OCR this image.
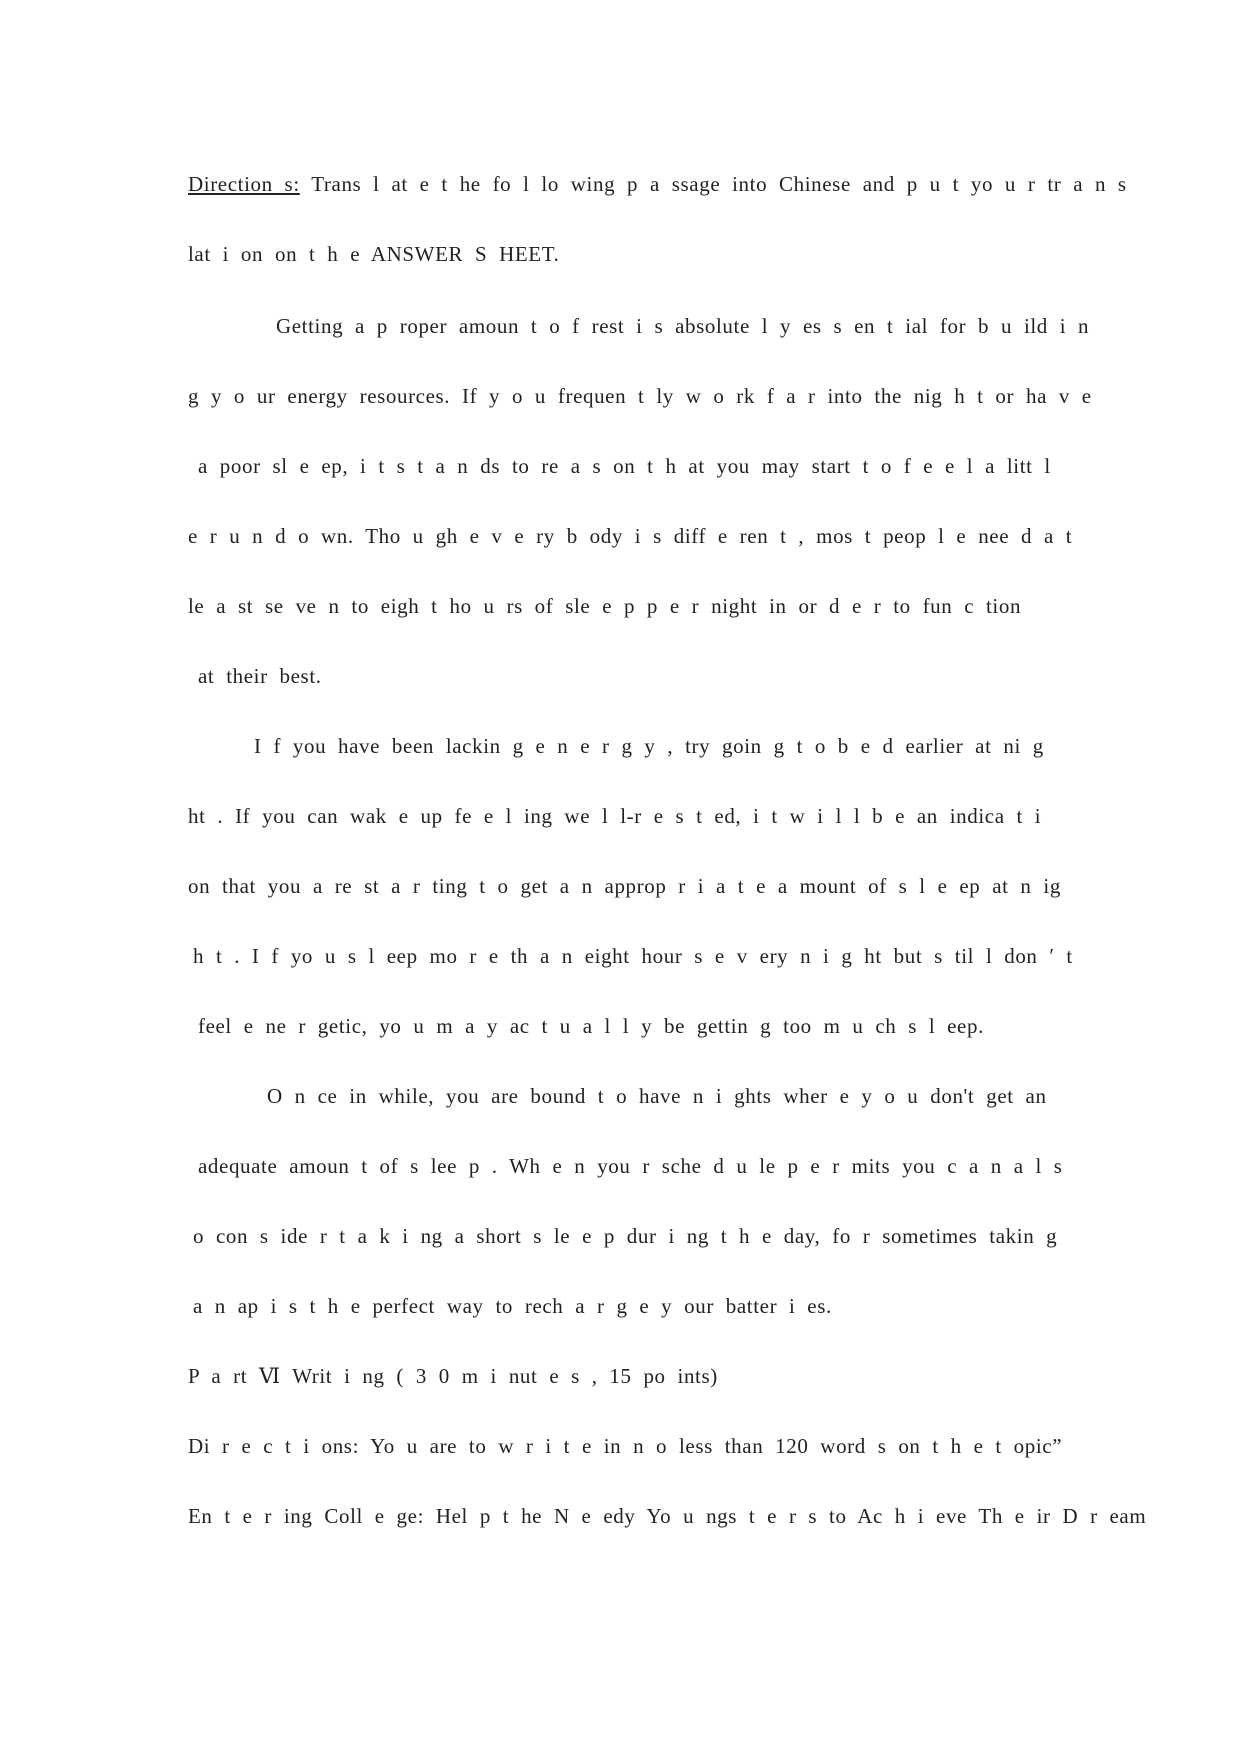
Direction s: Trans l at e t he fo l lo wing p a ssage into Chinese and p u t yo u r tr a n s
lat i on on t h e ANSWER S HEET.
Getting a p roper amoun t o f rest i s absolute l y es s en t ial for b u ild i n
g y o ur energy resources. If y o u frequen t ly w o rk f a r into the nig h t or ha v e
a poor sl e ep, i t s t a n ds to re a s on t h at you may start t o f e e l a litt l
e r u n d o wn. Tho u gh e v e ry b ody i s diff e ren t , mos t peop l e nee d a t
le a st se ve n to eigh t ho u rs of sle e p p e r night in or d e r to fun c tion
at their best.
I f you have been lackin g e n e r g y , try goin g t o b e d earlier at ni g
ht . If you can wak e up fe e l ing we l l-r e s t ed, i t w i l l b e an indica t i
on that you a re st a r ting t o get a n approp r i a t e a mount of s l e ep at n ig
h t . I f yo u s l eep mo r e th a n eight hour s e v ery n i g ht but s til l don ′ t
feel e ne r getic, yo u m a y ac t u a l l y be gettin g too m u ch s l eep.
O n ce in while, you are bound t o have n i ghts wher e y o u don't get an
adequate amoun t of s lee p . Wh e n you r sche d u le p e r mits you c a n a l s
o con s ide r t a k i ng a short s le e p dur i ng t h e day, fo r sometimes takin g
a n ap i s t h e perfect way to rech a r g e y our batter i es.
P a rt Ⅵ Writ i ng ( 3 0 m i nut e s , 15 po ints)
Di r e c t i ons: Yo u are to w r i t e in n o less than 120 word s on t h e t opic”
En t e r ing Coll e ge: Hel p t he N e edy Yo u ngs t e r s to Ac h i eve Th e ir D r eam
